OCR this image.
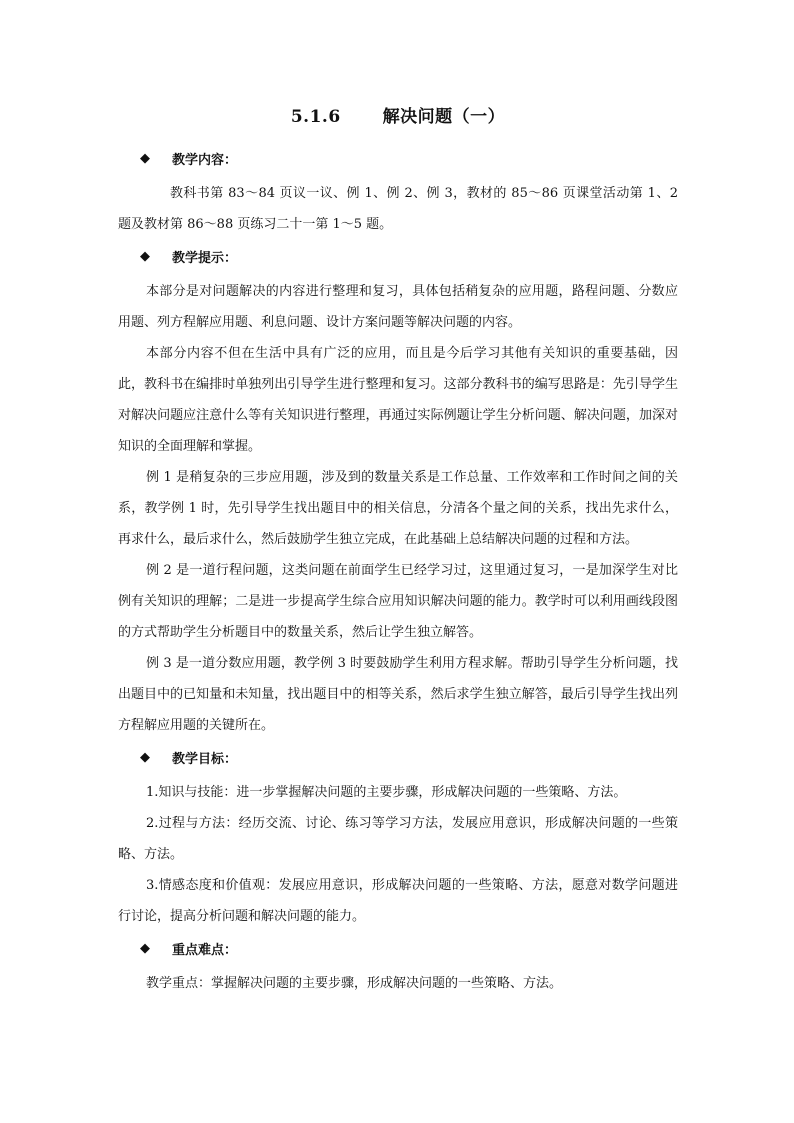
5.1.6 解决问题（一）
◆	教学内容：

教科书第 83～84 页议一议、例 1、例 2、例 3，教材的 85～86 页课堂活动第 1、2 题及教材第 86～88 页练习二十一第 1～5 题。

◆	教学提示：

本部分是对问题解决的内容进行整理和复习，具体包括稍复杂的应用题，路程问题、分数应用题、列方程解应用题、利息问题、设计方案问题等解决问题的内容。

本部分内容不但在生活中具有广泛的应用，而且是今后学习其他有关知识的重要基础，因此，教科书在编排时单独列出引导学生进行整理和复习。这部分教科书的编写思路是：先引导学生对解决问题应注意什么等有关知识进行整理，再通过实际例题让学生分析问题、解决问题，加深对知识的全面理解和掌握。

例 1 是稍复杂的三步应用题，涉及到的数量关系是工作总量、工作效率和工作时间之间的关系，教学例 1 时，先引导学生找出题目中的相关信息，分清各个量之间的关系，找出先求什么，再求什么，最后求什么，然后鼓励学生独立完成，在此基础上总结解决问题的过程和方法。

例 2 是一道行程问题，这类问题在前面学生已经学习过，这里通过复习，一是加深学生对比例有关知识的理解；二是进一步提高学生综合应用知识解决问题的能力。教学时可以利用画线段图的方式帮助学生分析题目中的数量关系，然后让学生独立解答。

例 3 是一道分数应用题，教学例 3 时要鼓励学生利用方程求解。帮助引导学生分析问题，找出题目中的已知量和未知量，找出题目中的相等关系，然后求学生独立解答，最后引导学生找出列方程解应用题的关键所在。

◆	教学目标：

1.知识与技能：进一步掌握解决问题的主要步骤，形成解决问题的一些策略、方法。

2.过程与方法：经历交流、讨论、练习等学习方法，发展应用意识，形成解决问题的一些策略、方法。

3.情感态度和价值观：发展应用意识，形成解决问题的一些策略、方法，愿意对数学问题进行讨论，提高分析问题和解决问题的能力。

◆	重点难点：

教学重点：掌握解决问题的主要步骤，形成解决问题的一些策略、方法。
